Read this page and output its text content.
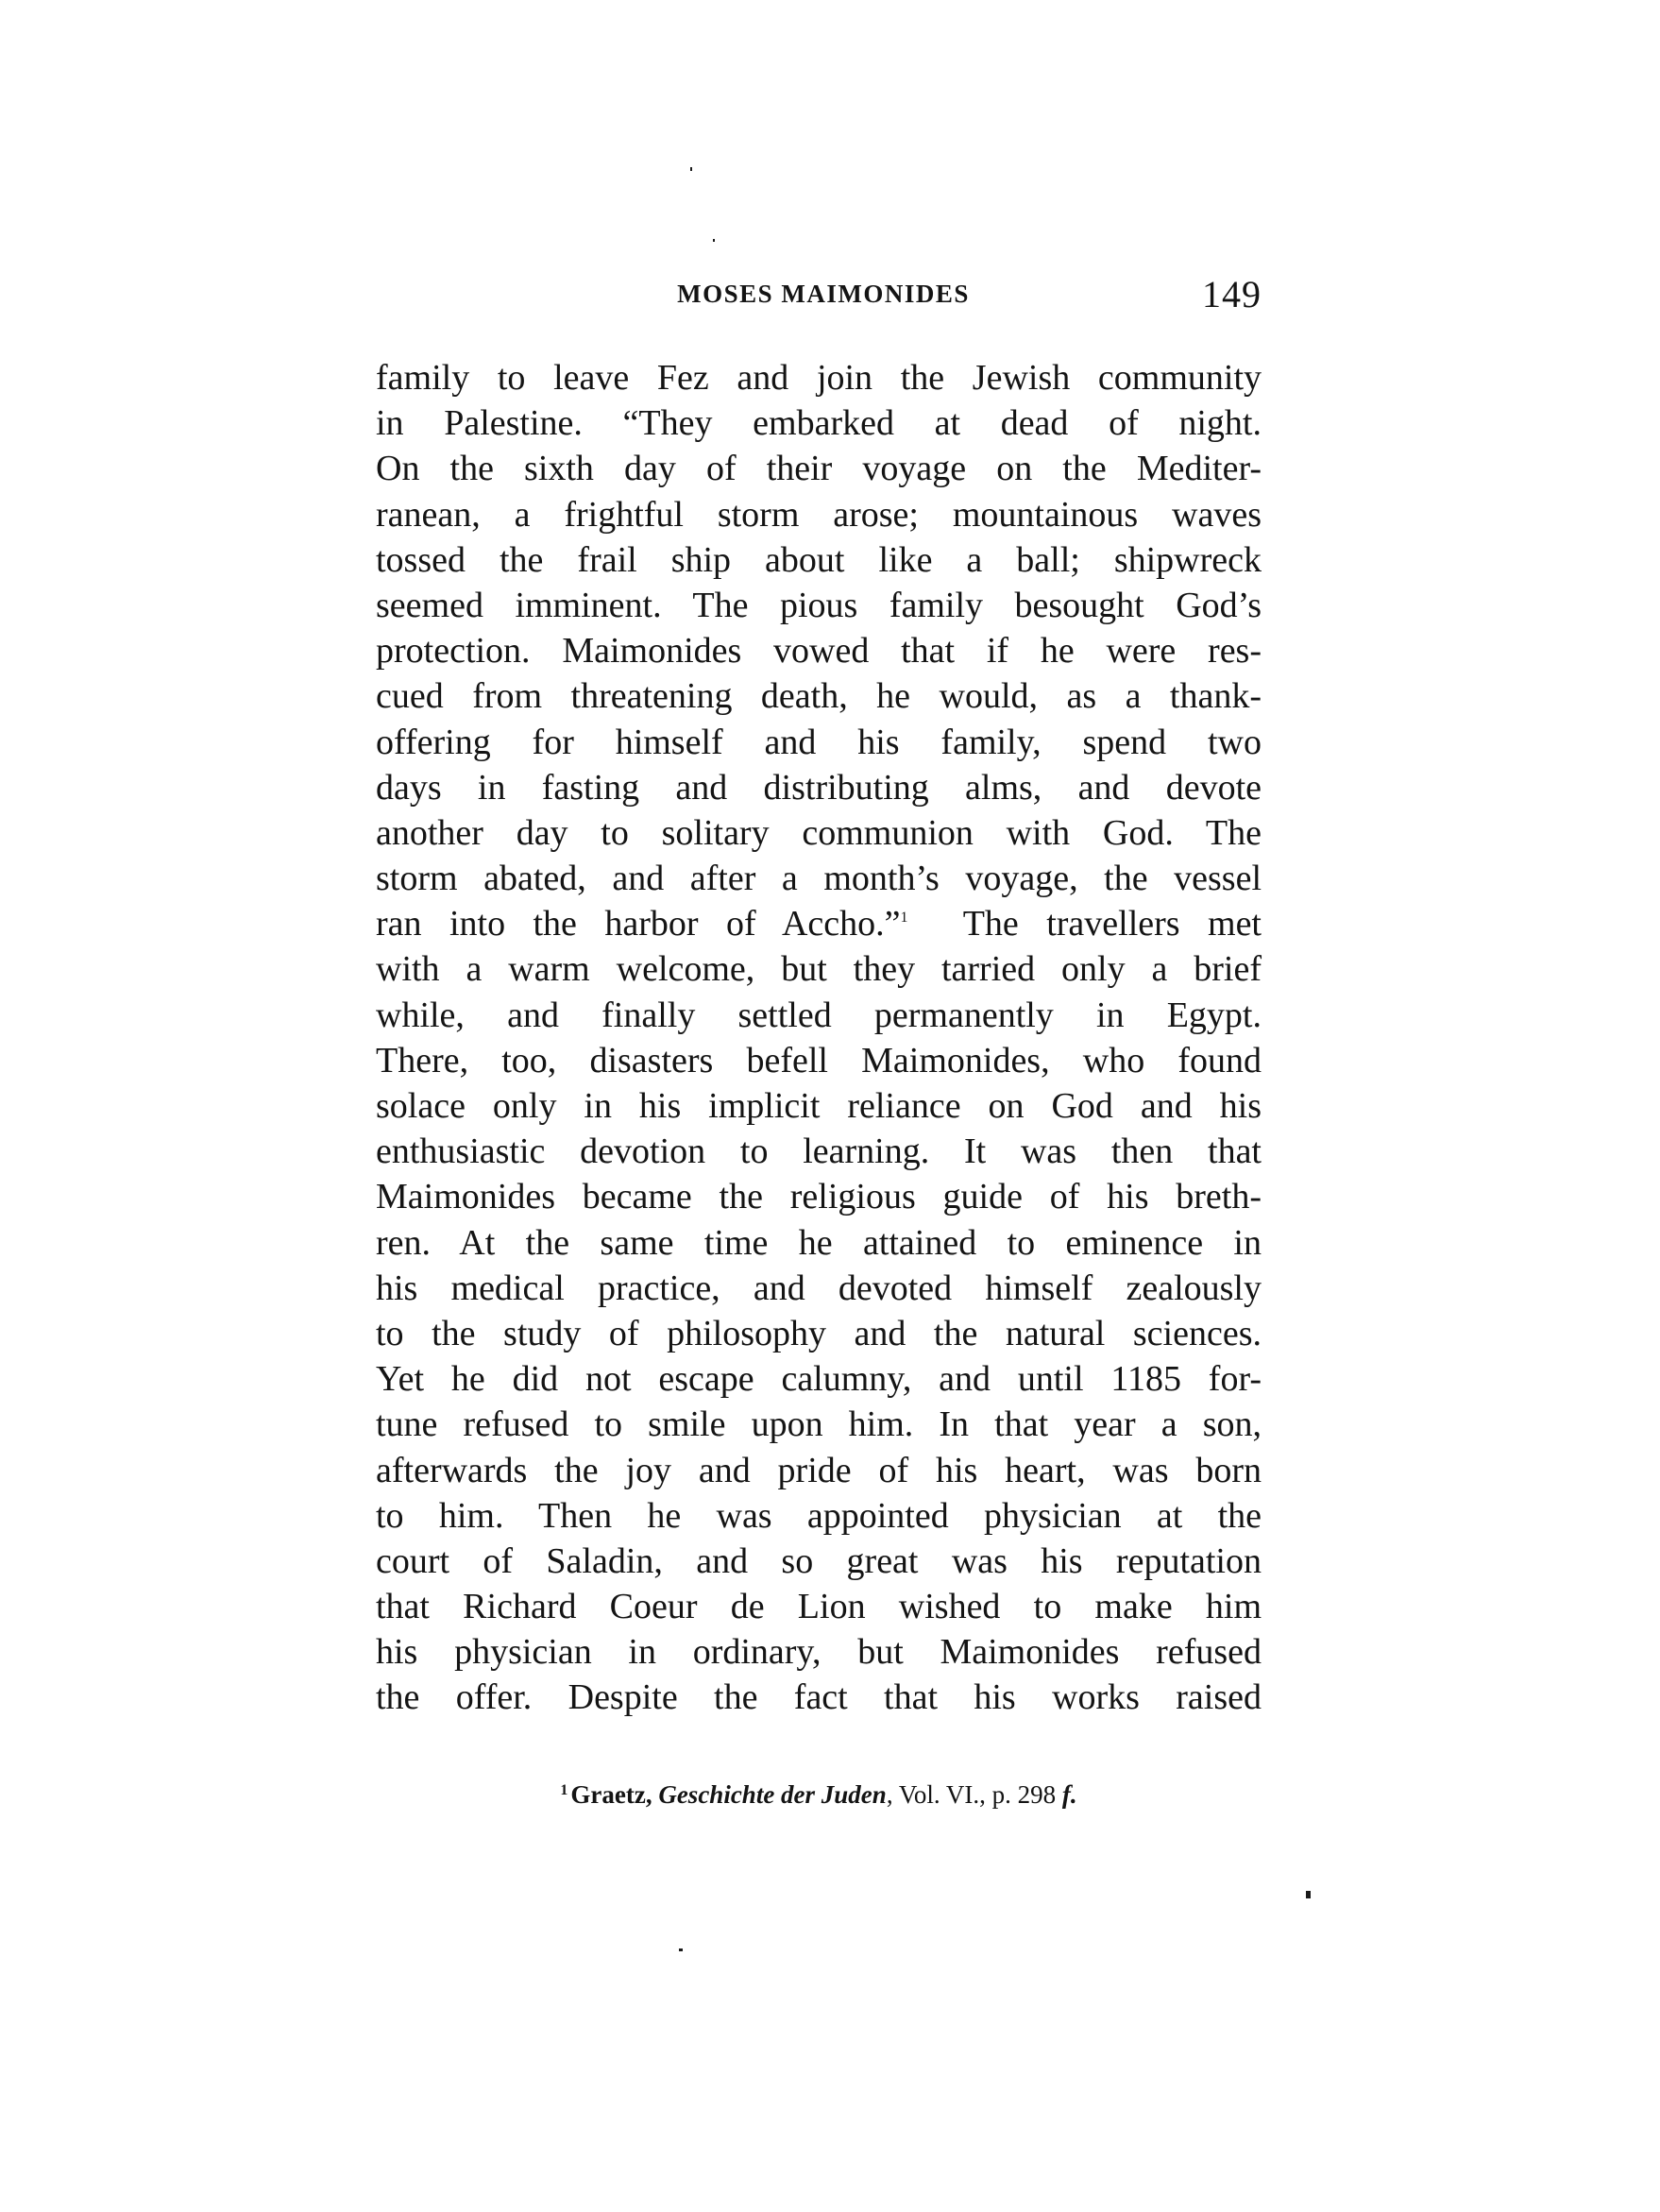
MOSES MAIMONIDES	149
family to leave Fez and join the Jewish community
in Palestine. “They embarked at dead of night.
On the sixth day of their voyage on the Mediter-
ranean, a frightful storm arose; mountainous waves
tossed the frail ship about like a ball; shipwreck
seemed imminent. The pious family besought God’s
protection. Maimonides vowed that if he were res-
cued from threatening death, he would, as a thank-
offering for himself and his family, spend two
days in fasting and distributing alms, and devote
another day to solitary communion with God. The
storm abated, and after a month’s voyage, the vessel
ran into the harbor of Accho.”$^1$  The travellers met
with a warm welcome, but they tarried only a brief
while, and finally settled permanently in Egypt.
There, too, disasters befell Maimonides, who found
solace only in his implicit reliance on God and his
enthusiastic devotion to learning. It was then that
Maimonides became the religious guide of his breth-
ren. At the same time he attained to eminence in
his medical practice, and devoted himself zealously
to the study of philosophy and the natural sciences.
Yet he did not escape calumny, and until 1185 for-
tune refused to smile upon him. In that year a son,
afterwards the joy and pride of his heart, was born
to him. Then he was appointed physician at the
court of Saladin, and so great was his reputation
that Richard Coeur de Lion wished to make him
his physician in ordinary, but Maimonides refused
the offer. Despite the fact that his works raised
$^1$ Graetz, Geschichte der Juden, Vol. VI., p. 298 f.
